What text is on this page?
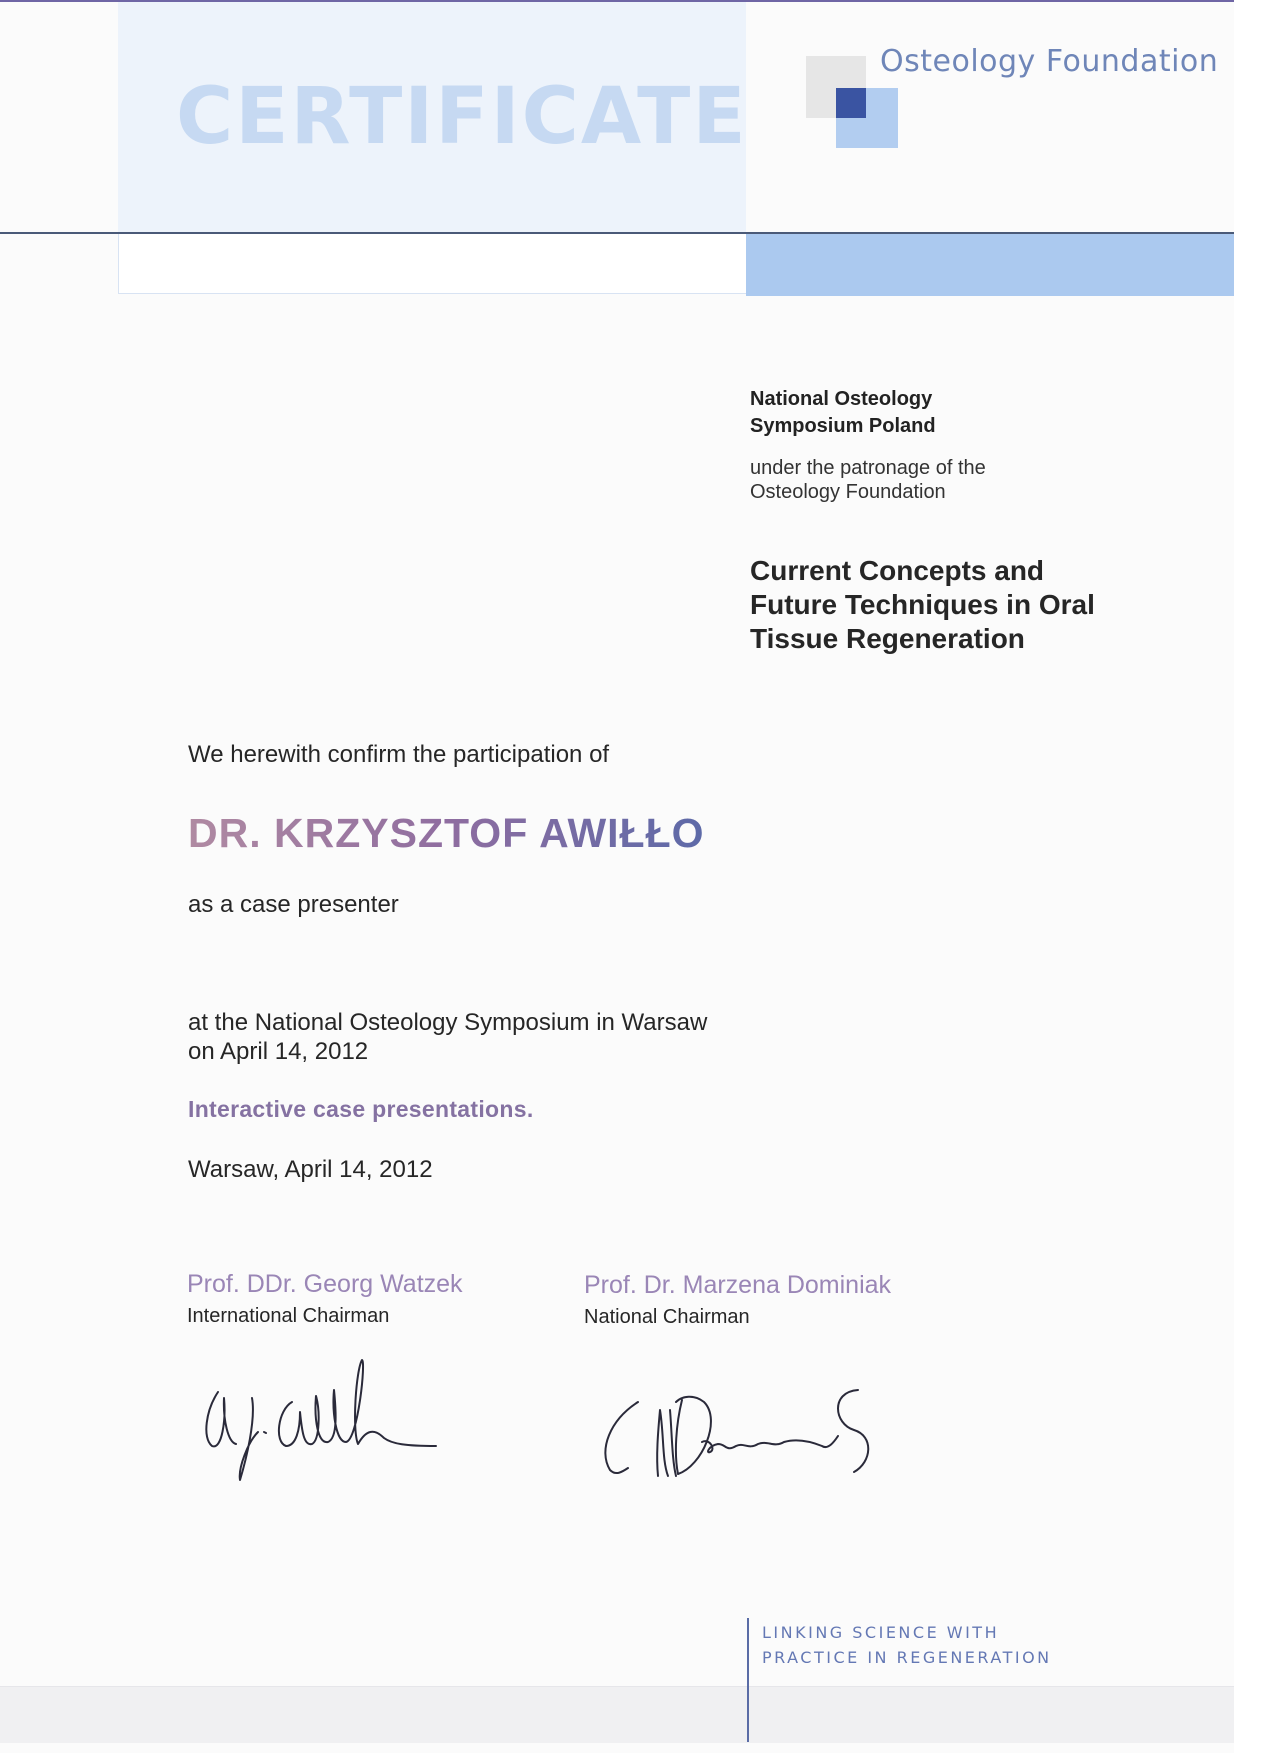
CERTIFICATE
Osteology Foundation
National Osteology
Symposium Poland
under the patronage of the
Osteology Foundation
Current Concepts and
Future Techniques in Oral
Tissue Regeneration
We herewith confirm the participation of
DR. KRZYSZTOF AWIŁŁO
as a case presenter
at the National Osteology Symposium in Warsaw
on April 14, 2012
Interactive case presentations.
Warsaw, April 14, 2012
Prof. DDr. Georg Watzek
International Chairman
Prof. Dr. Marzena Dominiak
National Chairman
LINKING SCIENCE WITH
PRACTICE IN REGENERATION
